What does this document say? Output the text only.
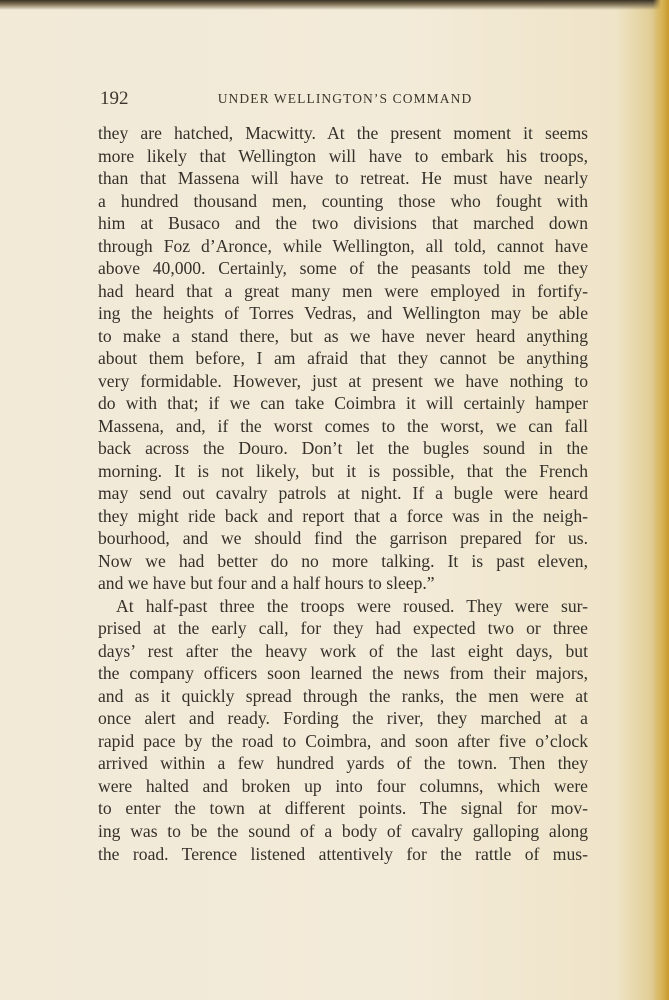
192	UNDER WELLINGTON’S COMMAND
they are hatched, Macwitty. At the present moment it seems
more likely that Wellington will have to embark his troops,
than that Massena will have to retreat. He must have nearly
a hundred thousand men, counting those who fought with
him at Busaco and the two divisions that marched down
through Foz d’Aronce, while Wellington, all told, cannot have
above 40,000. Certainly, some of the peasants told me they
had heard that a great many men were employed in fortify-
ing the heights of Torres Vedras, and Wellington may be able
to make a stand there, but as we have never heard anything
about them before, I am afraid that they cannot be anything
very formidable. However, just at present we have nothing to
do with that; if we can take Coimbra it will certainly hamper
Massena, and, if the worst comes to the worst, we can fall
back across the Douro. Don’t let the bugles sound in the
morning. It is not likely, but it is possible, that the French
may send out cavalry patrols at night. If a bugle were heard
they might ride back and report that a force was in the neigh-
bourhood, and we should find the garrison prepared for us.
Now we had better do no more talking. It is past eleven,
and we have but four and a half hours to sleep.”
At half-past three the troops were roused. They were sur-
prised at the early call, for they had expected two or three
days’ rest after the heavy work of the last eight days, but
the company officers soon learned the news from their majors,
and as it quickly spread through the ranks, the men were at
once alert and ready. Fording the river, they marched at a
rapid pace by the road to Coimbra, and soon after five o’clock
arrived within a few hundred yards of the town. Then they
were halted and broken up into four columns, which were
to enter the town at different points. The signal for mov-
ing was to be the sound of a body of cavalry galloping along
the road. Terence listened attentively for the rattle of mus-
